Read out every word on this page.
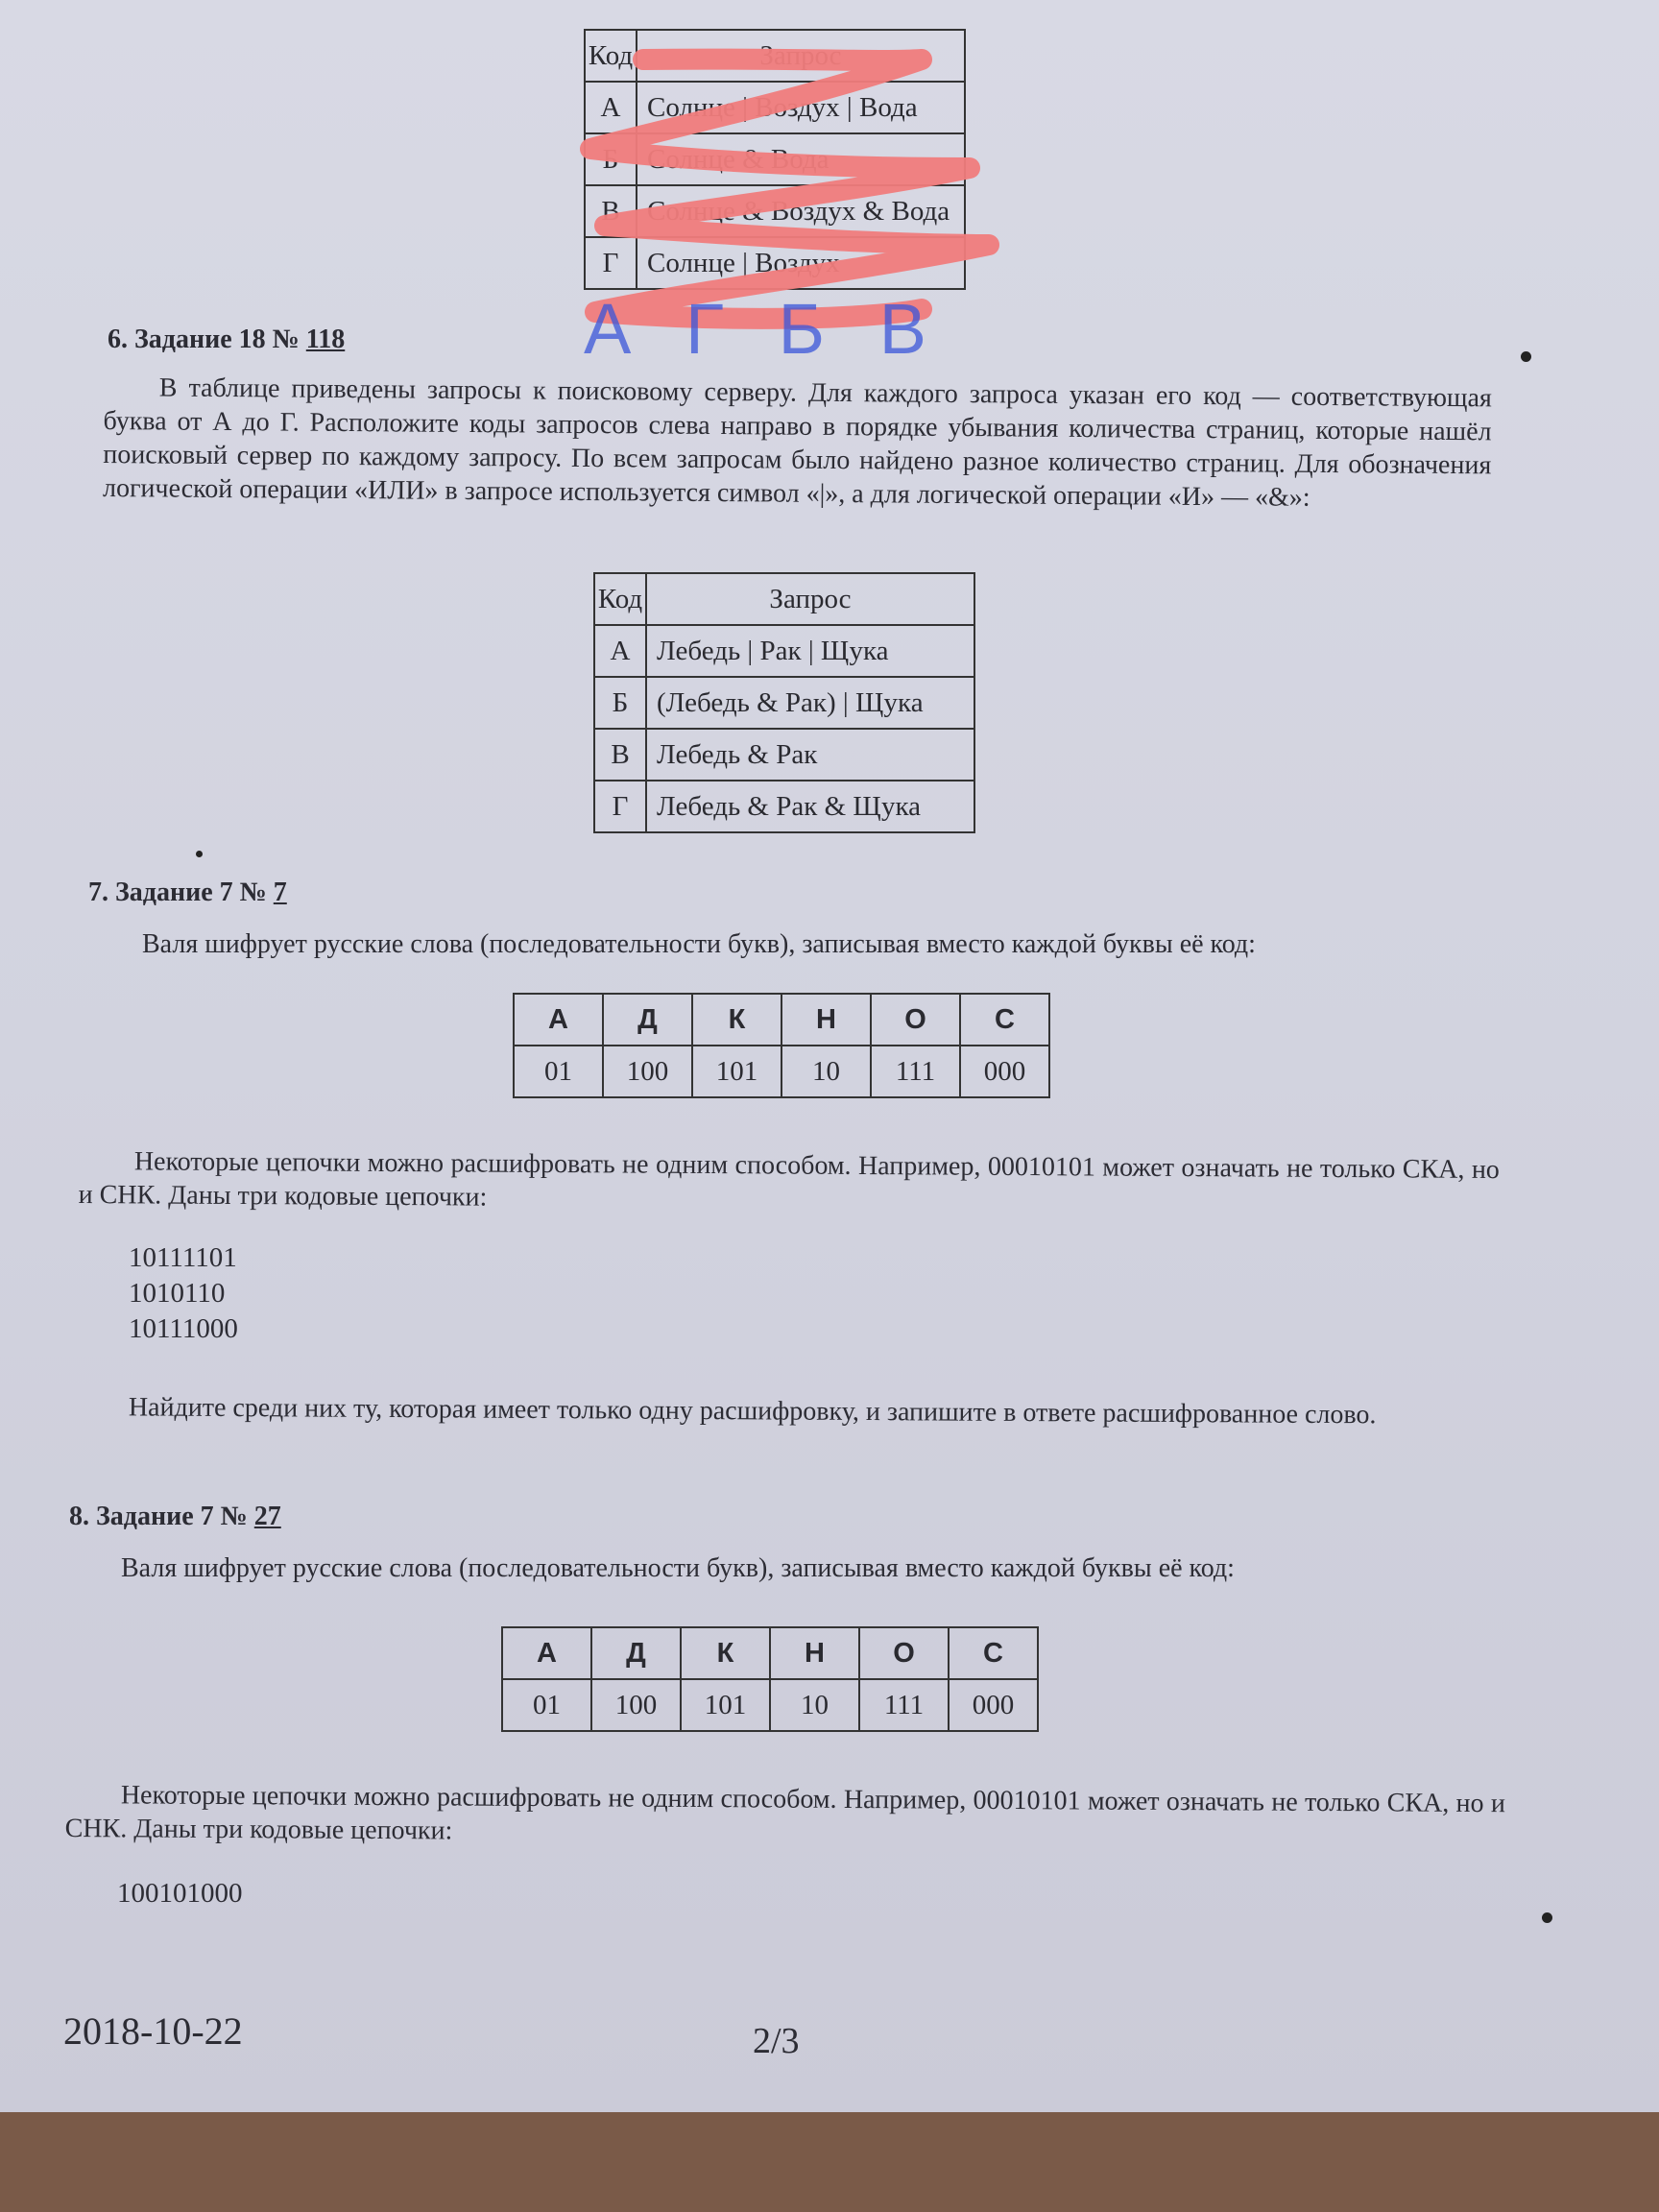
Код	Запрос
А	Солнце | Воздух | Вода
Б	Солнце & Вода
В	Солнце & Воздух & Вода
Г	Солнце | Воздух
А Г Б В
6. Задание 18 № 118
В таблице приведены запросы к поисковому серверу. Для каждого запроса указан его код — соответствующая буква от А до Г. Расположите коды запросов слева направо в порядке убывания количества страниц, которые нашёл поисковый сервер по каждому запросу. По всем запросам было найдено разное количество страниц. Для обозначения логической операции «ИЛИ» в запросе используется символ «|», а для логической операции «И» — «&»:
Код	Запрос
А	Лебедь | Рак | Щука
Б	(Лебедь & Рак) | Щука
В	Лебедь & Рак
Г	Лебедь & Рак & Щука
7. Задание 7 № 7
Валя шифрует русские слова (последовательности букв), записывая вместо каждой буквы её код:
А	Д	К	Н	О	С
01	100	101	10	111	000
Некоторые цепочки можно расшифровать не одним способом. Например, 00010101 может означать не только СКА, но и СНК. Даны три кодовые цепочки:
10111101
1010110
10111000
Найдите среди них ту, которая имеет только одну расшифровку, и запишите в ответе расшифрованное слово.
8. Задание 7 № 27
Валя шифрует русские слова (последовательности букв), записывая вместо каждой буквы её код:
А	Д	К	Н	О	С
01	100	101	10	111	000
Некоторые цепочки можно расшифровать не одним способом. Например, 00010101 может означать не только СКА, но и СНК. Даны три кодовые цепочки:
100101000
2018-10-22	2/3
